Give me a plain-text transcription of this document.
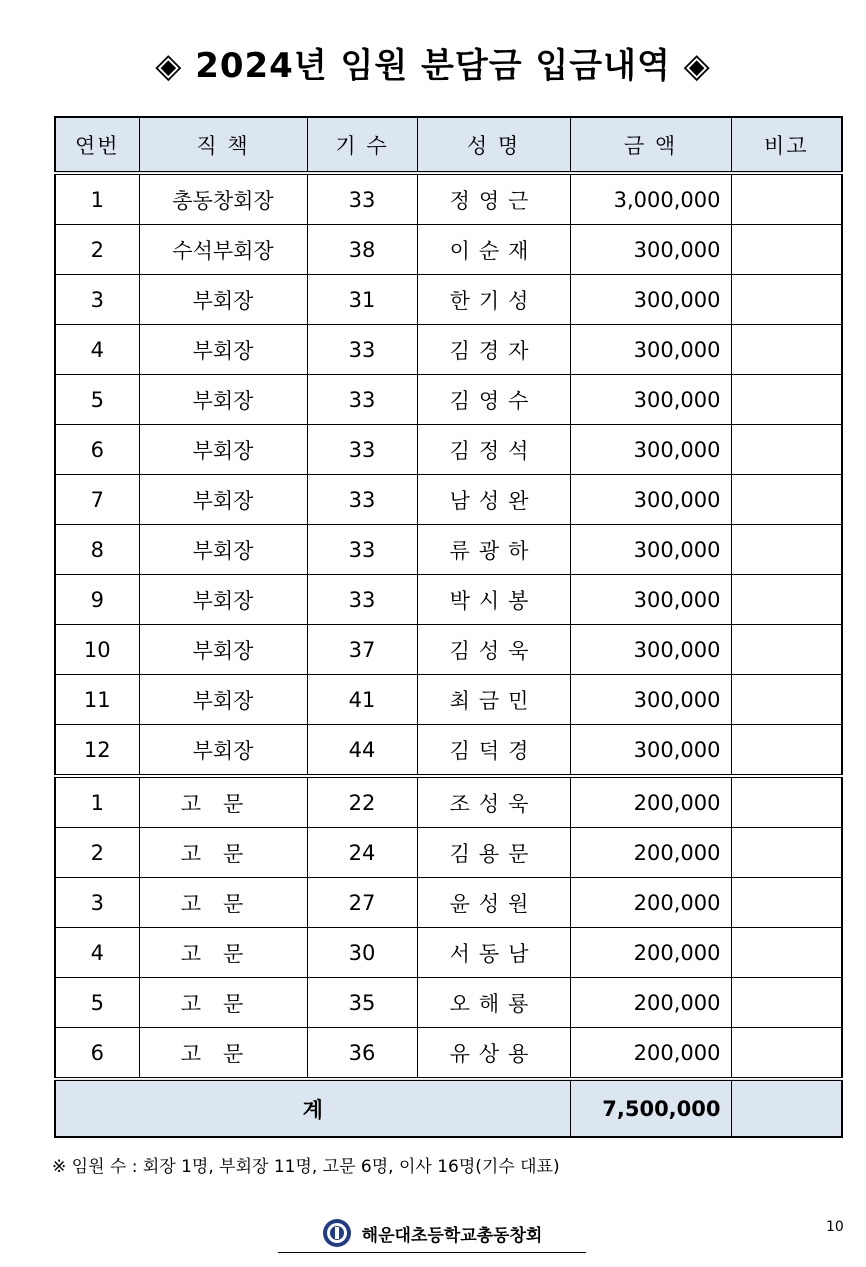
◈ 2024년 임원 분담금 입금내역 ◈
연번	직 책	기 수	성 명	금 액	비고
1	총동창회장	33	정영근	3,000,000	
2	수석부회장	38	이순재	300,000	
3	부회장	31	한기성	300,000	
4	부회장	33	김경자	300,000	
5	부회장	33	김영수	300,000	
6	부회장	33	김정석	300,000	
7	부회장	33	남성완	300,000	
8	부회장	33	류광하	300,000	
9	부회장	33	박시봉	300,000	
10	부회장	37	김성욱	300,000	
11	부회장	41	최금민	300,000	
12	부회장	44	김덕경	300,000	
1	고문	22	조성욱	200,000	
2	고문	24	김용문	200,000	
3	고문	27	윤성원	200,000	
4	고문	30	서동남	200,000	
5	고문	35	오해룡	200,000	
6	고문	36	유상용	200,000	
계				7,500,000	
※ 임원 수 : 회장 1명, 부회장 11명, 고문 6명, 이사 16명(기수 대표)
해운대초등학교총동창회	10
